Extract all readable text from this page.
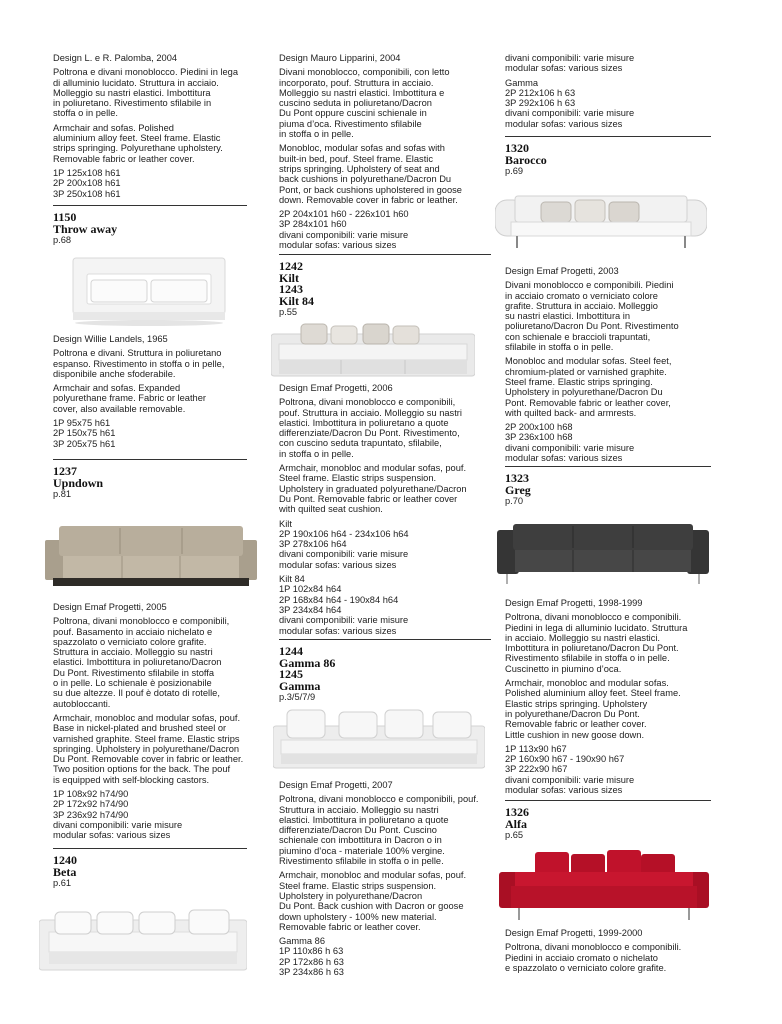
Design L. e R. Palomba, 2004

Poltrona e divani monoblocco. Piedini in lega
di alluminio lucidato. Struttura in acciaio.
Molleggio su nastri elastici. Imbottitura
in poliuretano. Rivestimento sfilabile in
stoffa o in pelle.

Armchair and sofas. Polished
aluminium alloy feet. Steel frame. Elastic
strips springing. Polyurethane upholstery.
Removable fabric or leather cover.

1P 125x108 h61
2P 200x108 h61
3P 250x108 h61

1150
Throw away

p.68

Design Willie Landels, 1965

Poltrona e divani. Struttura in poliuretano
espanso. Rivestimento in stoffa o in pelle,
disponibile anche sfoderabile.

Armchair and sofas. Expanded
polyurethane frame. Fabric or leather
cover, also available removable.

1P 95x75 h61
2P 150x75 h61
3P 205x75 h61

1237
Upndown

p.81

Design Emaf Progetti, 2005

Poltrona, divani monoblocco e componibili,
pouf. Basamento in acciaio nichelato e
spazzolato o verniciato colore grafite.
Struttura in acciaio. Molleggio su nastri
elastici. Imbottitura in poliuretano/Dacron
Du Pont. Rivestimento sfilabile in stoffa
o in pelle. Lo schienale è posizionabile
su due altezze. Il pouf è dotato di rotelle,
autobloccanti.

Armchair, monobloc and modular sofas, pouf.
Base in nickel-plated and brushed steel or
varnished graphite. Steel frame. Elastic strips
springing. Upholstery in polyurethane/Dacron
Du Pont. Removable cover in fabric or leather.
Two position options for the back. The pouf
is equipped with self-blocking castors.

1P 108x92 h74/90
2P 172x92 h74/90
3P 236x92 h74/90
divani componibili: varie misure
modular sofas: various sizes

1240
Beta

p.61

Design Mauro Lipparini, 2004

Divani monoblocco, componibili, con letto
incorporato, pouf. Struttura in acciaio.
Molleggio su nastri elastici. Imbottitura e
cuscino seduta in poliuretano/Dacron
Du Pont oppure cuscini schienale in
piuma d’oca. Rivestimento sfilabile
in stoffa o in pelle.

Monobloc, modular sofas and sofas with
built-in bed, pouf. Steel frame. Elastic
strips springing. Upholstery of seat and
back cushions in polyurethane/Dacron Du
Pont, or back cushions upholstered in goose
down. Removable cover in fabric or leather.

2P 204x101 h60 - 226x101 h60
3P 284x101 h60
divani componibili: varie misure
modular sofas: various sizes

1242
Kilt
1243
Kilt 84

p.55

Design Emaf Progetti, 2006

Poltrona, divani monoblocco e componibili,
pouf. Struttura in acciaio. Molleggio su nastri
elastici. Imbottitura in poliuretano a quote
differenziate/Dacron Du Pont. Rivestimento,
con cuscino seduta trapuntato, sfilabile,
in stoffa o in pelle.

Armchair, monobloc and modular sofas, pouf.
Steel frame. Elastic strips suspension.
Upholstery in graduated polyurethane/Dacron
Du Pont. Removable fabric or leather cover
with quilted seat cushion.

Kilt
2P 190x106 h64 - 234x106 h64
3P 278x106 h64
divani componibili: varie misure
modular sofas: various sizes

Kilt 84
1P 102x84 h64
2P 168x84 h64 - 190x84 h64
3P 234x84 h64
divani componibili: varie misure
modular sofas: various sizes

1244
Gamma 86
1245
Gamma

p.3/5/7/9

Design Emaf Progetti, 2007

Poltrona, divani monoblocco e componibili, pouf.
Struttura in acciaio. Molleggio su nastri
elastici. Imbottitura in poliuretano a quote
differenziate/Dacron Du Pont. Cuscino
schienale con imbottitura in Dacron o in
piumino d’oca - materiale 100% vergine.
Rivestimento sfilabile in stoffa o in pelle.

Armchair, monobloc and modular sofas, pouf.
Steel frame. Elastic strips suspension.
Upholstery in polyurethane/Dacron
Du Pont. Back cushion with Dacron or goose
down upholstery - 100% new material.
Removable fabric or leather cover.

Gamma 86
1P 110x86 h 63
2P 172x86 h 63
3P 234x86 h 63

divani componibili: varie misure
modular sofas: various sizes

Gamma
2P 212x106 h 63
3P 292x106 h 63
divani componibili: varie misure
modular sofas: various sizes

1320
Barocco

p.69

Design Emaf Progetti, 2003

Divani monoblocco e componibili. Piedini
in acciaio cromato o verniciato colore
grafite. Struttura in acciaio. Molleggio
su nastri elastici. Imbottitura in
poliuretano/Dacron Du Pont. Rivestimento
con schienale e braccioli trapuntati,
sfilabile in stoffa o in pelle.

Monobloc and modular sofas. Steel feet,
chromium-plated or varnished graphite.
Steel frame. Elastic strips springing.
Upholstery in polyurethane/Dacron Du
Pont. Removable fabric or leather cover,
with quilted back- and armrests.

2P 200x100 h68
3P 236x100 h68
divani componibili: varie misure
modular sofas: various sizes

1323
Greg

p.70

Design Emaf Progetti, 1998-1999

Poltrona, divani monoblocco e componibili.
Piedini in lega di alluminio lucidato. Struttura
in acciaio. Molleggio su nastri elastici.
Imbottitura in poliuretano/Dacron Du Pont.
Rivestimento sfilabile in stoffa o in pelle.
Cuscinetto in piumino d’oca.

Armchair, monobloc and modular sofas.
Polished aluminium alloy feet. Steel frame.
Elastic strips springing. Upholstery
in polyurethane/Dacron Du Pont.
Removable fabric or leather cover.
Little cushion in new goose down.

1P 113x90 h67
2P 160x90 h67 - 190x90 h67
3P 222x90 h67
divani componibili: varie misure
modular sofas: various sizes

1326
Alfa

p.65

Design Emaf Progetti, 1999-2000

Poltrona, divani monoblocco e componibili.
Piedini in acciaio cromato o nichelato
e spazzolato o verniciato colore grafite.
